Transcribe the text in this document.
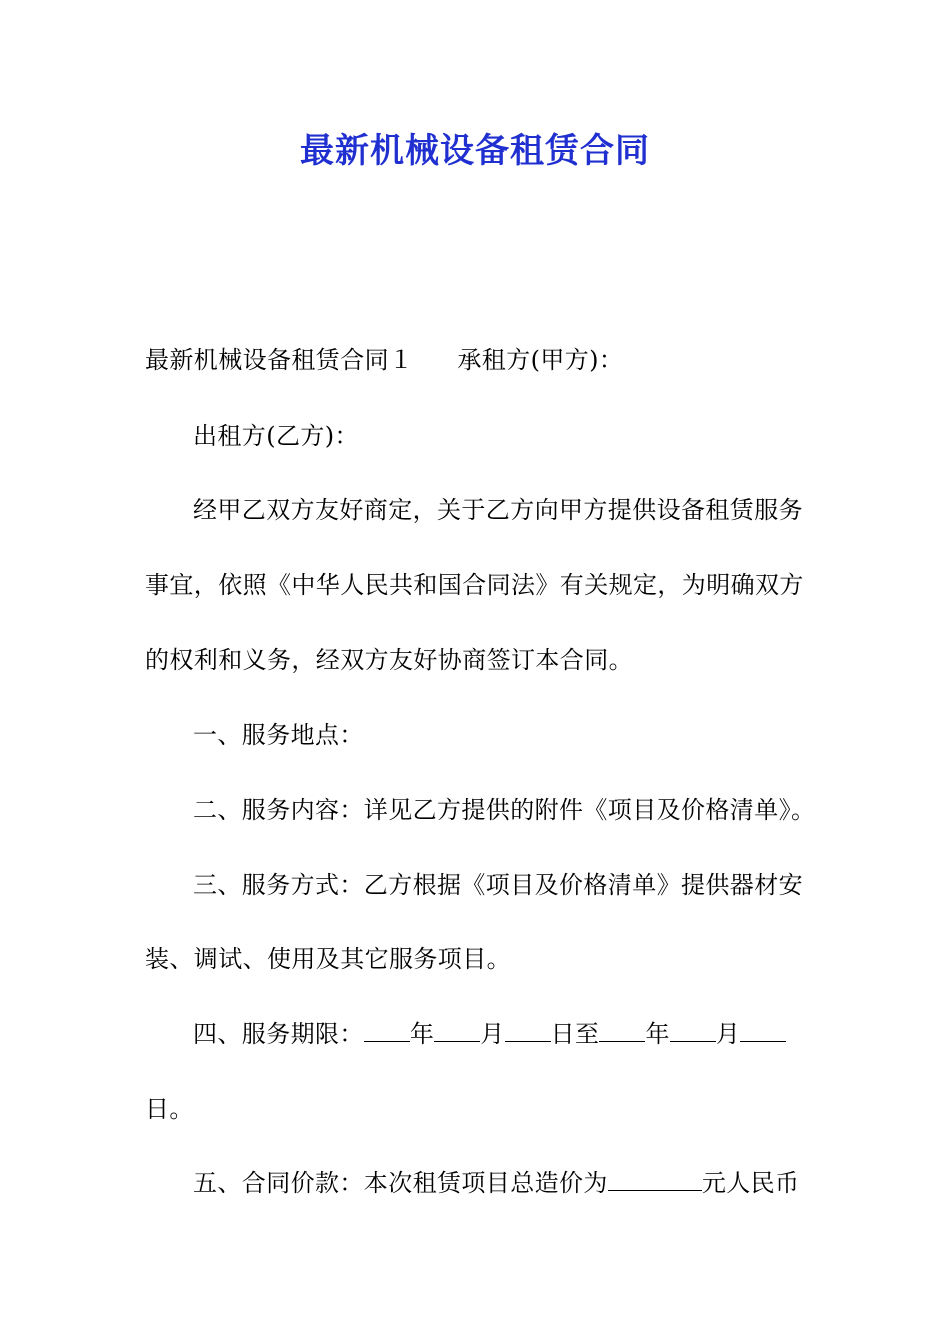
最新机械设备租赁合同
最新机械设备租赁合同１ 承租方(甲方)：
出租方(乙方)：
经甲乙双方友好商定，关于乙方向甲方提供设备租赁服务
事宜，依照《中华人民共和国合同法》有关规定，为明确双方
的权利和义务，经双方友好协商签订本合同。
一、服务地点：
二、服务内容：详见乙方提供的附件《项目及价格清单》。
三、服务方式：乙方根据《项目及价格清单》提供器材安
装、调试、使用及其它服务项目。
四、服务期限： 年 月 日至 年 月
日。
五、合同价款：本次租赁项目总造价为	元人民币
